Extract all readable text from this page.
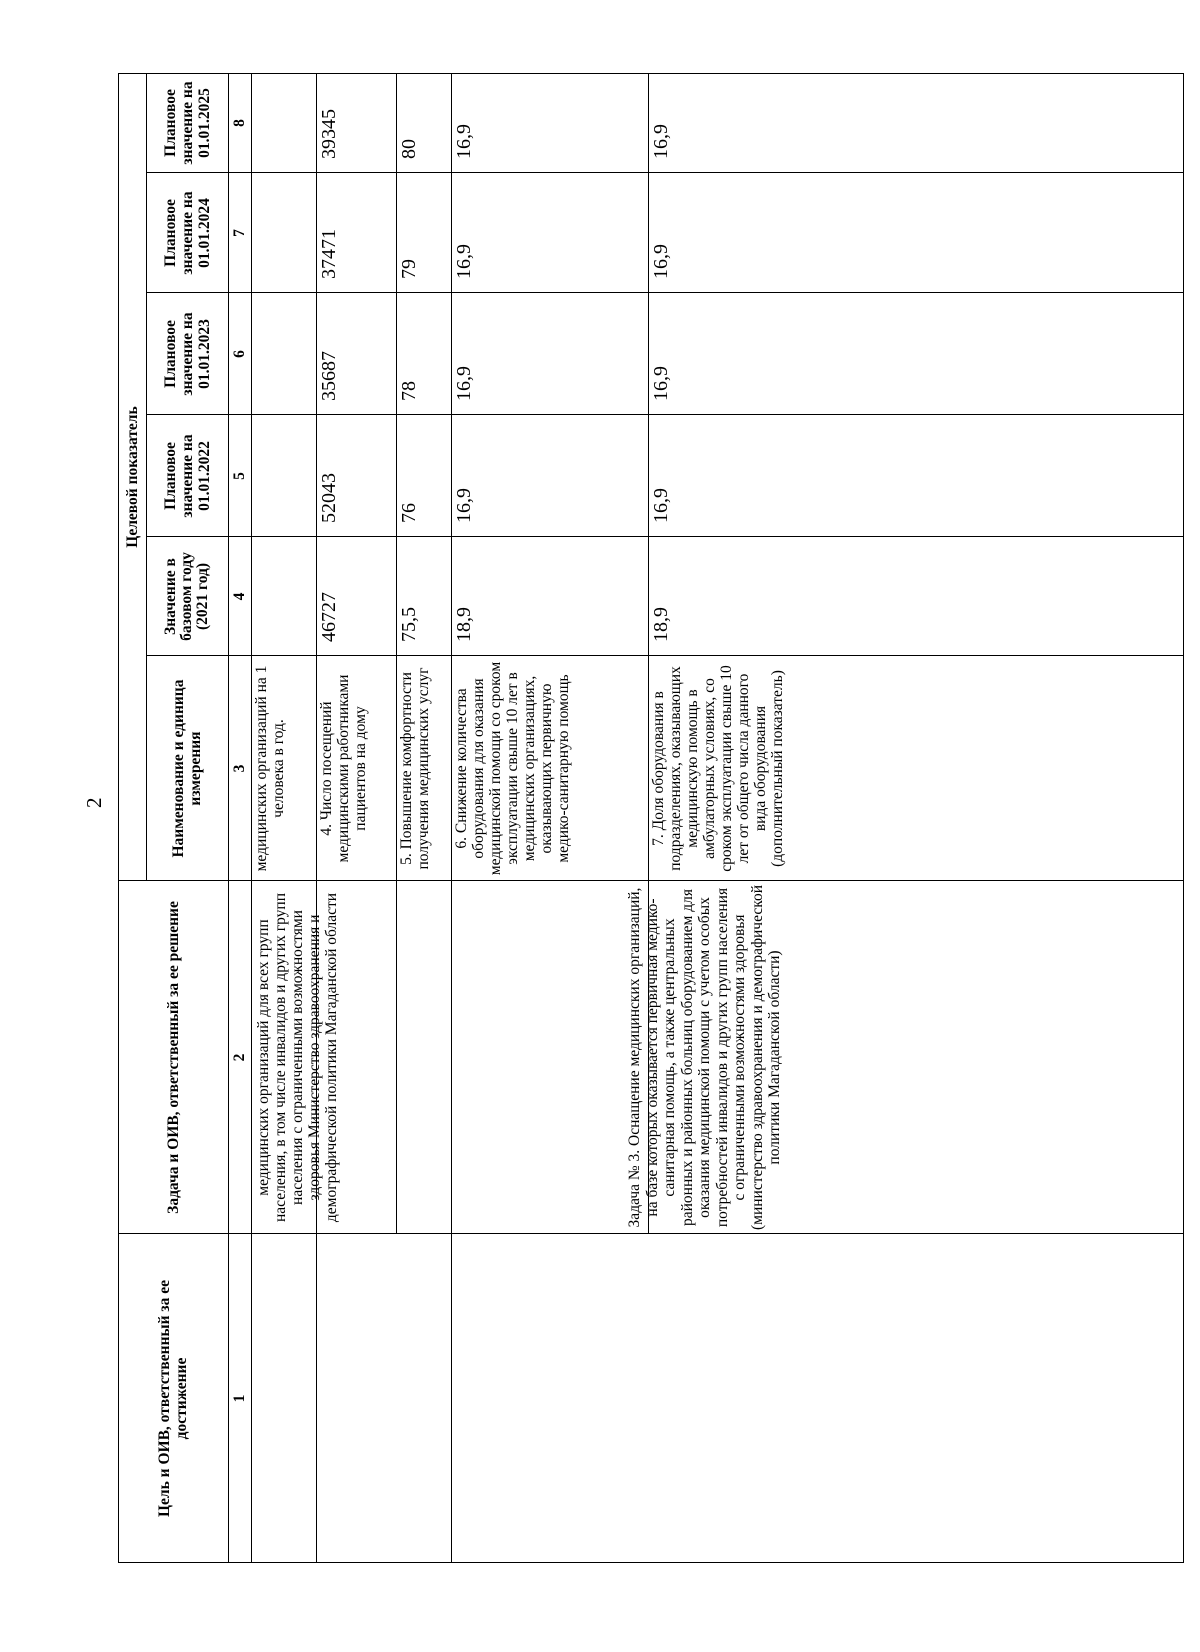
2
Цель и ОИВ, ответственный за ее достижение
Задача и ОИВ, ответственный за ее решение
Наименование и единица измерения
Целевой показатель
Значение в базовом году (2021 год)
Плановое значение на 01.01.2022
Плановое значение на 01.01.2023
Плановое значение на 01.01.2024
Плановое значение на 01.01.2025
1
2
3
4
5
6
7
8
медицинских организаций для всех групп населения, в том числе инвалидов и других групп населения с ограниченными возможностями здоровья Министерство здравоохранения и демографической политики Магаданской области	Задача № 3. Оснащение медицинских организаций, на базе которых оказывается первичная медико-санитарная помощь, а также центральных районных и районных больниц оборудованием для оказания медицинской помощи с учетом особых потребностей инвалидов и других групп населения с ограниченными возможностями здоровья (министерство здравоохранения и демографической политики Магаданской области)
медицинских организаций на 1 человека в год.	4. Число посещений медицинскими работниками пациентов на дому
46727
52043
35687
37471
39345
5. Повышение комфортности получения медицинских услуг
75,5
76
78
79
80
6. Снижение количества оборудования для оказания медицинской помощи со сроком эксплуатации свыше 10 лет в медицинских организациях, оказывающих первичную медико-санитарную помощь
18,9
16,9
16,9
16,9
16,9
7. Доля оборудования в подразделениях, оказывающих медицинскую помощь в амбулаторных условиях, со сроком эксплуатации свыше 10 лет от общего числа данного вида оборудования (дополнительный показатель)
18,9
16,9
16,9
16,9
16,9
